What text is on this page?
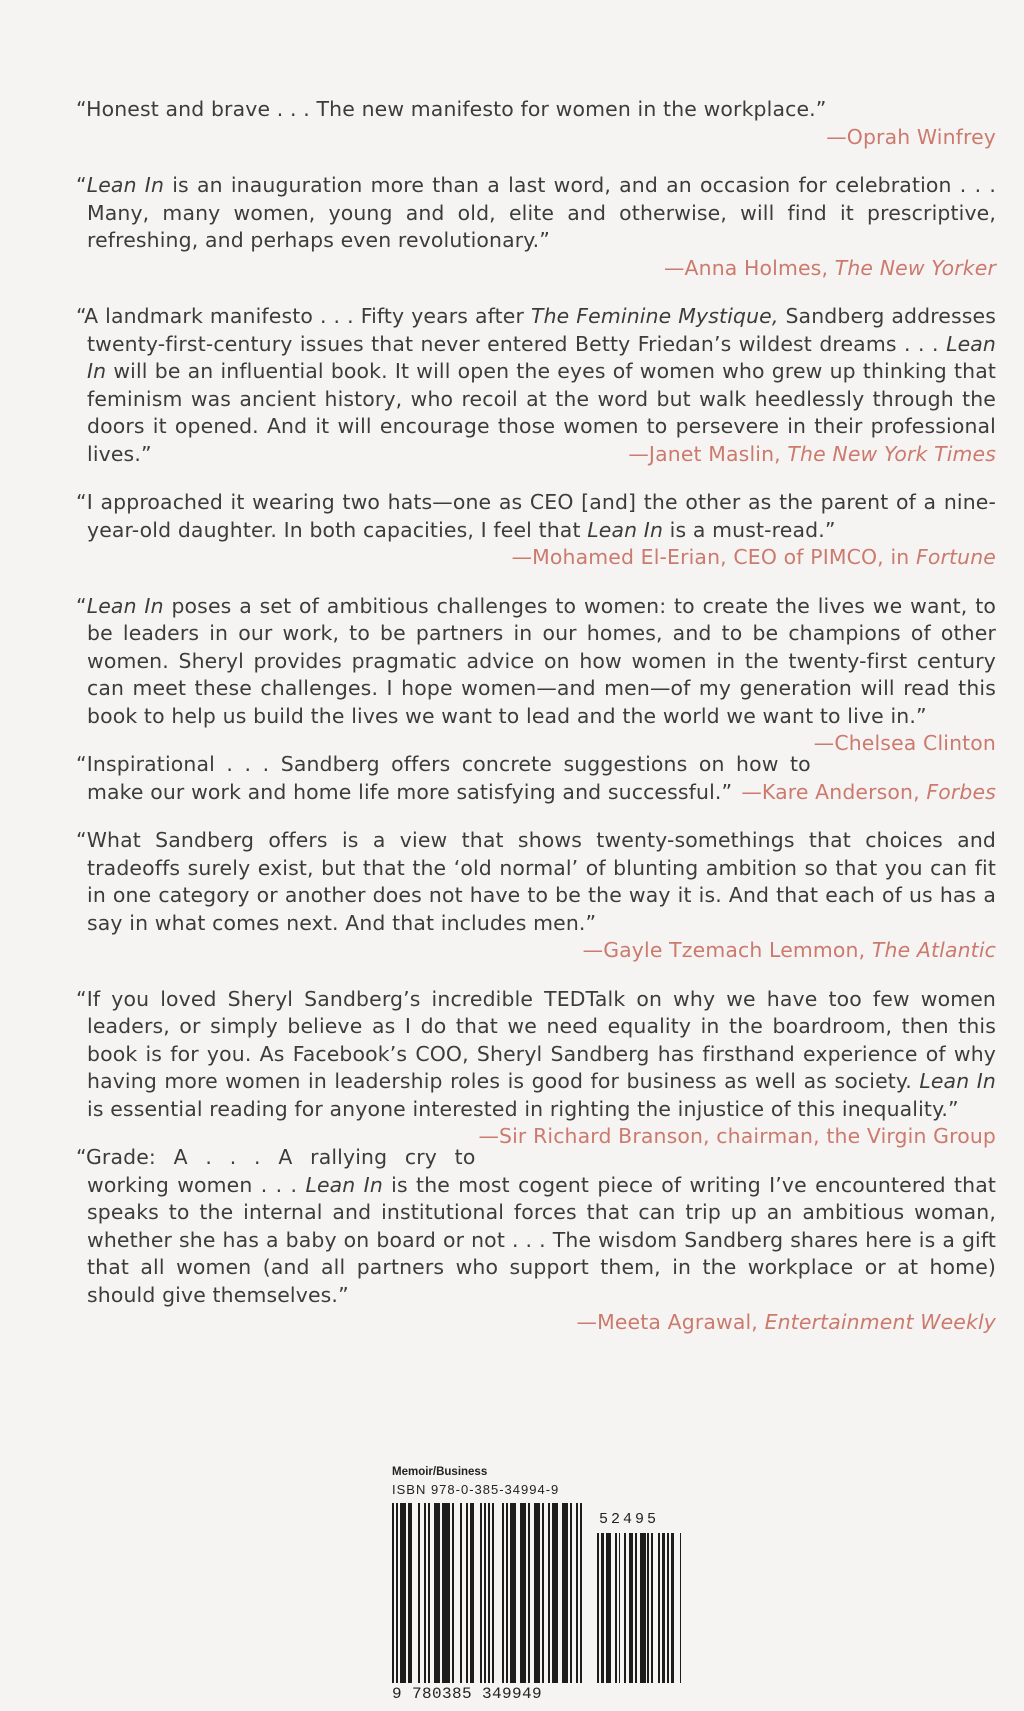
“Honest and brave . . . The new manifesto for women in the workplace.”

—Oprah Winfrey

“Lean In is an inauguration more than a last word, and an occasion for celebration . . . Many, many women, young and old, elite and otherwise, will find it prescriptive, refreshing, and perhaps even revolutionary.”

—Anna Holmes, The New Yorker

“A landmark manifesto . . . Fifty years after The Feminine Mystique, Sandberg addresses twenty-first-century issues that never entered Betty Friedan’s wildest dreams . . . Lean In will be an influential book. It will open the eyes of women who grew up thinking that feminism was ancient history, who recoil at the word but walk heedlessly through the doors it opened. And it will encourage those women to persevere in their professional lives.”	—Janet Maslin, The New York Times

“I approached it wearing two hats—one as CEO [and] the other as the parent of a nine-year-old daughter. In both capacities, I feel that Lean In is a must-read.”

—Mohamed El-Erian, CEO of PIMCO, in Fortune

“Lean In poses a set of ambitious challenges to women: to create the lives we want, to be leaders in our work, to be partners in our homes, and to be champions of other women. Sheryl provides pragmatic advice on how women in the twenty-first century can meet these challenges. I hope women—and men—of my generation will read this book to help us build the lives we want to lead and the world we want to live in.”
—Chelsea Clinton

“Inspirational . . . Sandberg offers concrete suggestions on how to make our work and home life more satisfying and successful.” —Kare Anderson, Forbes

“What Sandberg offers is a view that shows twenty-somethings that choices and tradeoffs surely exist, but that the ‘old normal’ of blunting ambition so that you can fit in one category or another does not have to be the way it is. And that each of us has a say in what comes next. And that includes men.”

—Gayle Tzemach Lemmon, The Atlantic

“If you loved Sheryl Sandberg’s incredible TEDTalk on why we have too few women leaders, or simply believe as I do that we need equality in the boardroom, then this book is for you. As Facebook’s COO, Sheryl Sandberg has firsthand experience of why having more women in leadership roles is good for business as well as society. Lean In is essential reading for anyone interested in righting the injustice of this inequality.”
—Sir Richard Branson, chairman, the Virgin Group

“Grade: A . . . A rallying cry to working women . . . Lean In is the most cogent piece of writing I’ve encountered that speaks to the internal and institutional forces that can trip up an ambitious woman, whether she has a baby on board or not . . . The wisdom Sandberg shares here is a gift that all women (and all partners who support them, in the workplace or at home) should give themselves.”

—Meeta Agrawal, Entertainment Weekly

Memoir/Business

ISBN 978-0-385-34994-9

52495
9 780385 349949
